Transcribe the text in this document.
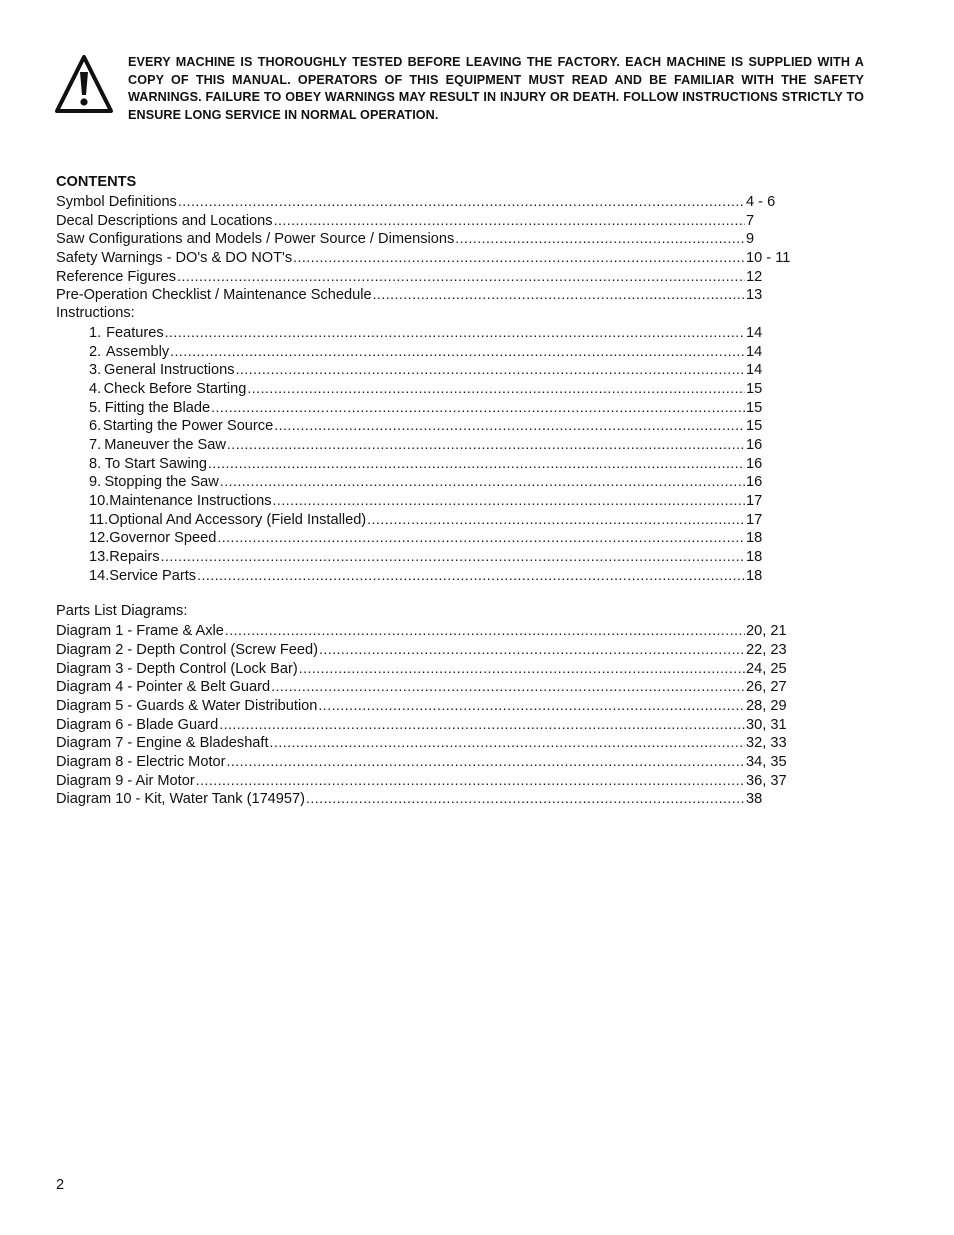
EVERY MACHINE IS THOROUGHLY TESTED BEFORE LEAVING THE FACTORY. EACH MACHINE IS SUPPLIED WITH A COPY OF THIS MANUAL. OPERATORS OF THIS EQUIPMENT MUST READ AND BE FAMILIAR WITH THE SAFETY WARNINGS. FAILURE TO OBEY WARNINGS MAY RESULT IN INJURY OR DEATH. FOLLOW INSTRUCTIONS STRICTLY TO ENSURE LONG SERVICE IN NORMAL OPERATION.
CONTENTS
Symbol Definitions .....	4 - 6
Decal Descriptions and Locations .....	7
Saw Configurations and Models / Power Source / Dimensions .....	9
Safety Warnings - DO's & DO NOT's .....	10 - 11
Reference Figures .....	12
Pre-Operation Checklist / Maintenance Schedule .....	13
Instructions:
1. Features .....	14
2. Assembly .....	14
3. General Instructions .....	14
4. Check Before Starting .....	15
5. Fitting the Blade .....	15
6. Starting the Power Source .....	15
7. Maneuver the Saw .....	16
8. To Start Sawing .....	16
9. Stopping the Saw .....	16
10. Maintenance Instructions .....	17
11. Optional And Accessory (Field Installed) .....	17
12. Governor Speed .....	18
13. Repairs .....	18
14. Service Parts .....	18
Parts List Diagrams:
Diagram 1 - Frame & Axle .....	20, 21
Diagram 2 - Depth Control (Screw Feed) .....	22, 23
Diagram 3 - Depth Control (Lock Bar) .....	24, 25
Diagram 4 - Pointer & Belt Guard .....	26, 27
Diagram 5 - Guards & Water Distribution .....	28, 29
Diagram 6 - Blade Guard .....	30, 31
Diagram 7 - Engine & Bladeshaft .....	32, 33
Diagram 8 - Electric Motor .....	34, 35
Diagram 9 - Air Motor .....	36, 37
Diagram 10 - Kit, Water Tank (174957) .....	38
2
